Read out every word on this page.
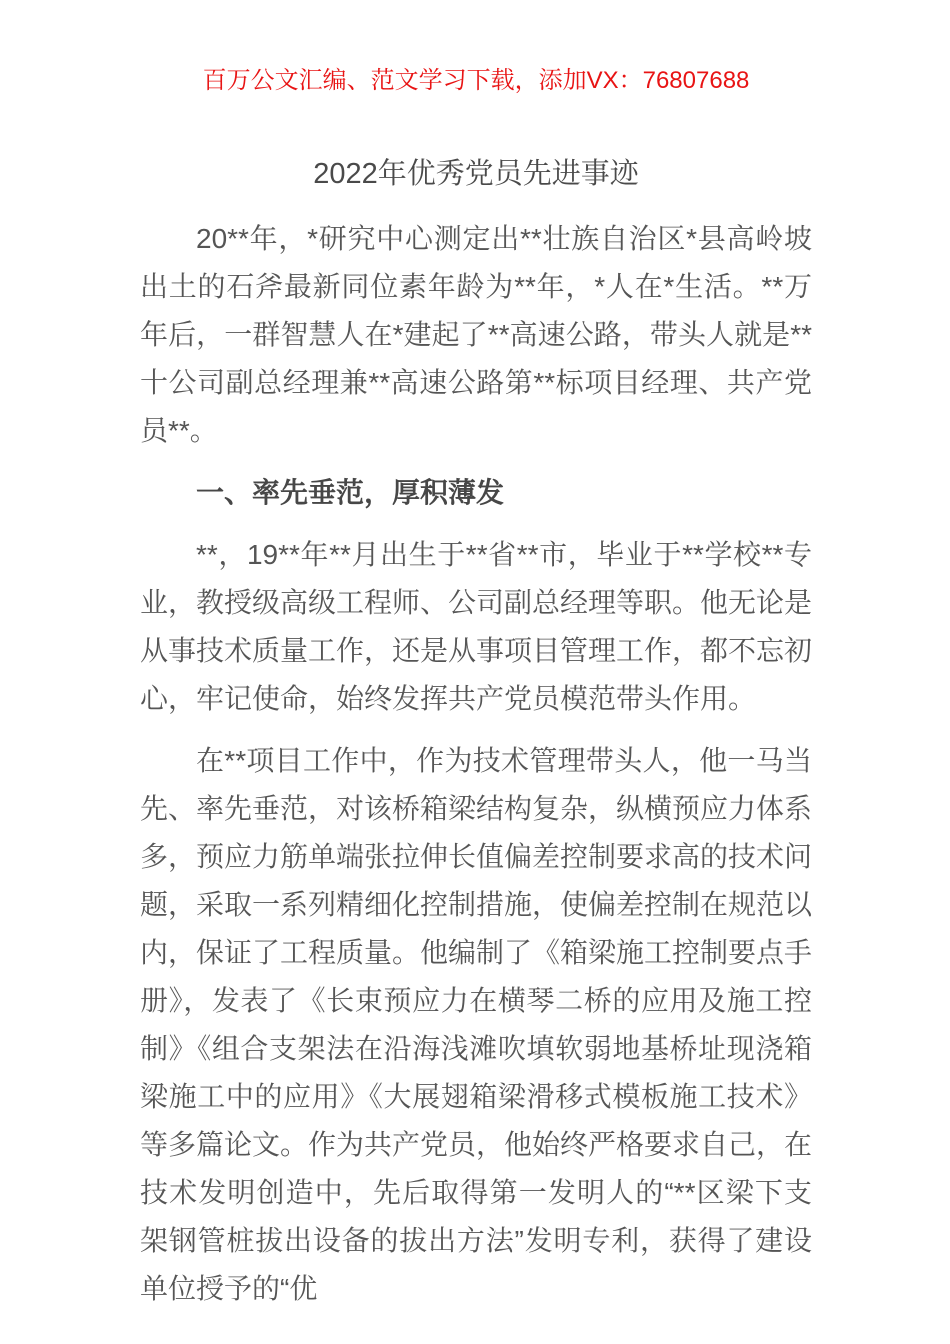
百万公文汇编、范文学习下载，添加VX：76807688
2022年优秀党员先进事迹

20**年，*研究中心测定出**壮族自治区*县高岭坡出土的石斧最新同位素年龄为**年，*人在*生活。**万年后，一群智慧人在*建起了**高速公路，带头人就是**十公司副总经理兼**高速公路第**标项目经理、共产党员**。

一、率先垂范，厚积薄发

**，19**年**月出生于**省**市，毕业于**学校**专业，教授级高级工程师、公司副总经理等职。他无论是从事技术质量工作，还是从事项目管理工作，都不忘初心，牢记使命，始终发挥共产党员模范带头作用。

在**项目工作中，作为技术管理带头人，他一马当先、率先垂范，对该桥箱梁结构复杂，纵横预应力体系多，预应力筋单端张拉伸长值偏差控制要求高的技术问题，采取一系列精细化控制措施，使偏差控制在规范以内，保证了工程质量。他编制了《箱梁施工控制要点手册》，发表了《长束预应力在横琴二桥的应用及施工控制》《组合支架法在沿海浅滩吹填软弱地基桥址现浇箱梁施工中的应用》《大展翅箱梁滑移式模板施工技术》等多篇论文。作为共产党员，他始终严格要求自己，在技术发明创造中，先后取得第一发明人的“**区梁下支架钢管桩拔出设备的拔出方法”发明专利，获得了建设单位授予的“优
